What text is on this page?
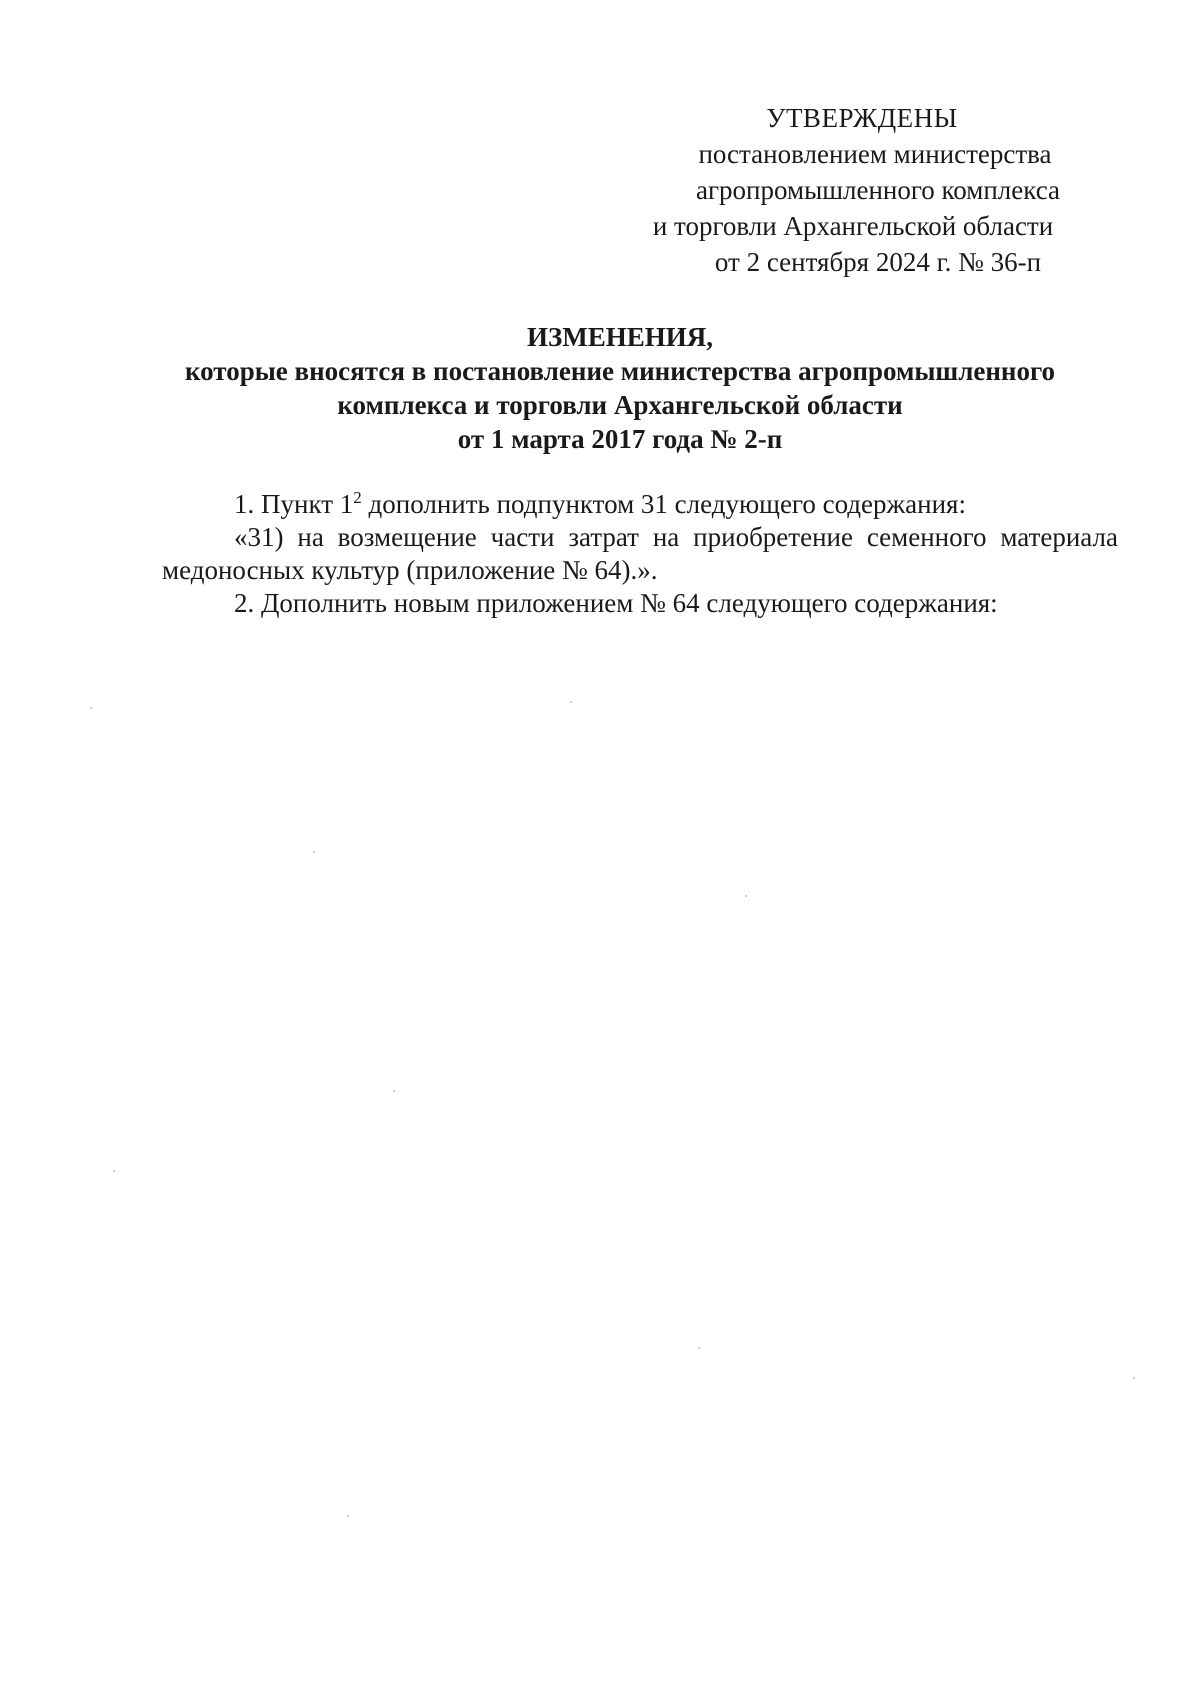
УТВЕРЖДЕНЫ
постановлением министерства
агропромышленного комплекса
и торговли Архангельской области
от 2 сентября 2024 г. № 36-п
ИЗМЕНЕНИЯ,
которые вносятся в постановление министерства агропромышленного
комплекса и торговли Архангельской области
от 1 марта 2017 года № 2-п

1. Пункт $1^2$ дополнить подпунктом 31 следующего содержания:

«31) на возмещение части затрат на приобретение семенного материала

медоносных культур (приложение № 64).».

2. Дополнить новым приложением № 64 следующего содержания:
